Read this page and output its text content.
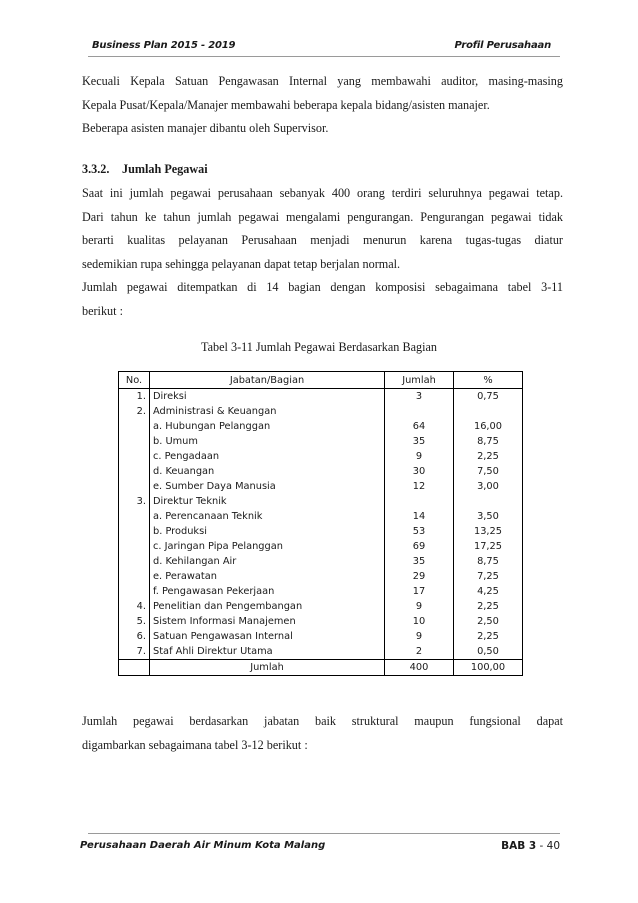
Business Plan 2015 - 2019	Profil Perusahaan

Kecuali Kepala Satuan Pengawasan Internal yang membawahi auditor, masing-masing

Kepala Pusat/Kepala/Manajer membawahi beberapa kepala bidang/asisten manajer.

Beberapa asisten manajer dibantu oleh Supervisor.

3.3.2. Jumlah Pegawai

Saat ini jumlah pegawai perusahaan sebanyak 400 orang terdiri seluruhnya pegawai tetap.

Dari tahun ke tahun jumlah pegawai mengalami pengurangan. Pengurangan pegawai tidak

berarti kualitas pelayanan Perusahaan menjadi menurun karena tugas-tugas diatur

sedemikian rupa sehingga pelayanan dapat tetap berjalan normal.

Jumlah pegawai ditempatkan di 14 bagian dengan komposisi sebagaimana tabel 3-11

berikut :

Tabel 3-11 Jumlah Pegawai Berdasarkan Bagian
No.	Jabatan/Bagian	Jumlah	%
1.	Direksi	3	0,75
2.	Administrasi & Keuangan		
	a. Hubungan Pelanggan	64	16,00
	b. Umum	35	8,75
	c. Pengadaan	9	2,25
	d. Keuangan	30	7,50
	e. Sumber Daya Manusia	12	3,00
3.	Direktur Teknik		
	a. Perencanaan Teknik	14	3,50
	b. Produksi	53	13,25
	c. Jaringan Pipa Pelanggan	69	17,25
	d. Kehilangan Air	35	8,75
	e. Perawatan	29	7,25
	f. Pengawasan Pekerjaan	17	4,25
4.	Penelitian dan Pengembangan	9	2,25
5.	Sistem Informasi Manajemen	10	2,50
6.	Satuan Pengawasan Internal	9	2,25
7.	Staf Ahli Direktur Utama	2	0,50
	Jumlah	400	100,00

Jumlah pegawai berdasarkan jabatan baik struktural maupun fungsional dapat

digambarkan sebagaimana tabel 3-12 berikut :

Perusahaan Daerah Air Minum Kota Malang	BAB 3 - 40
